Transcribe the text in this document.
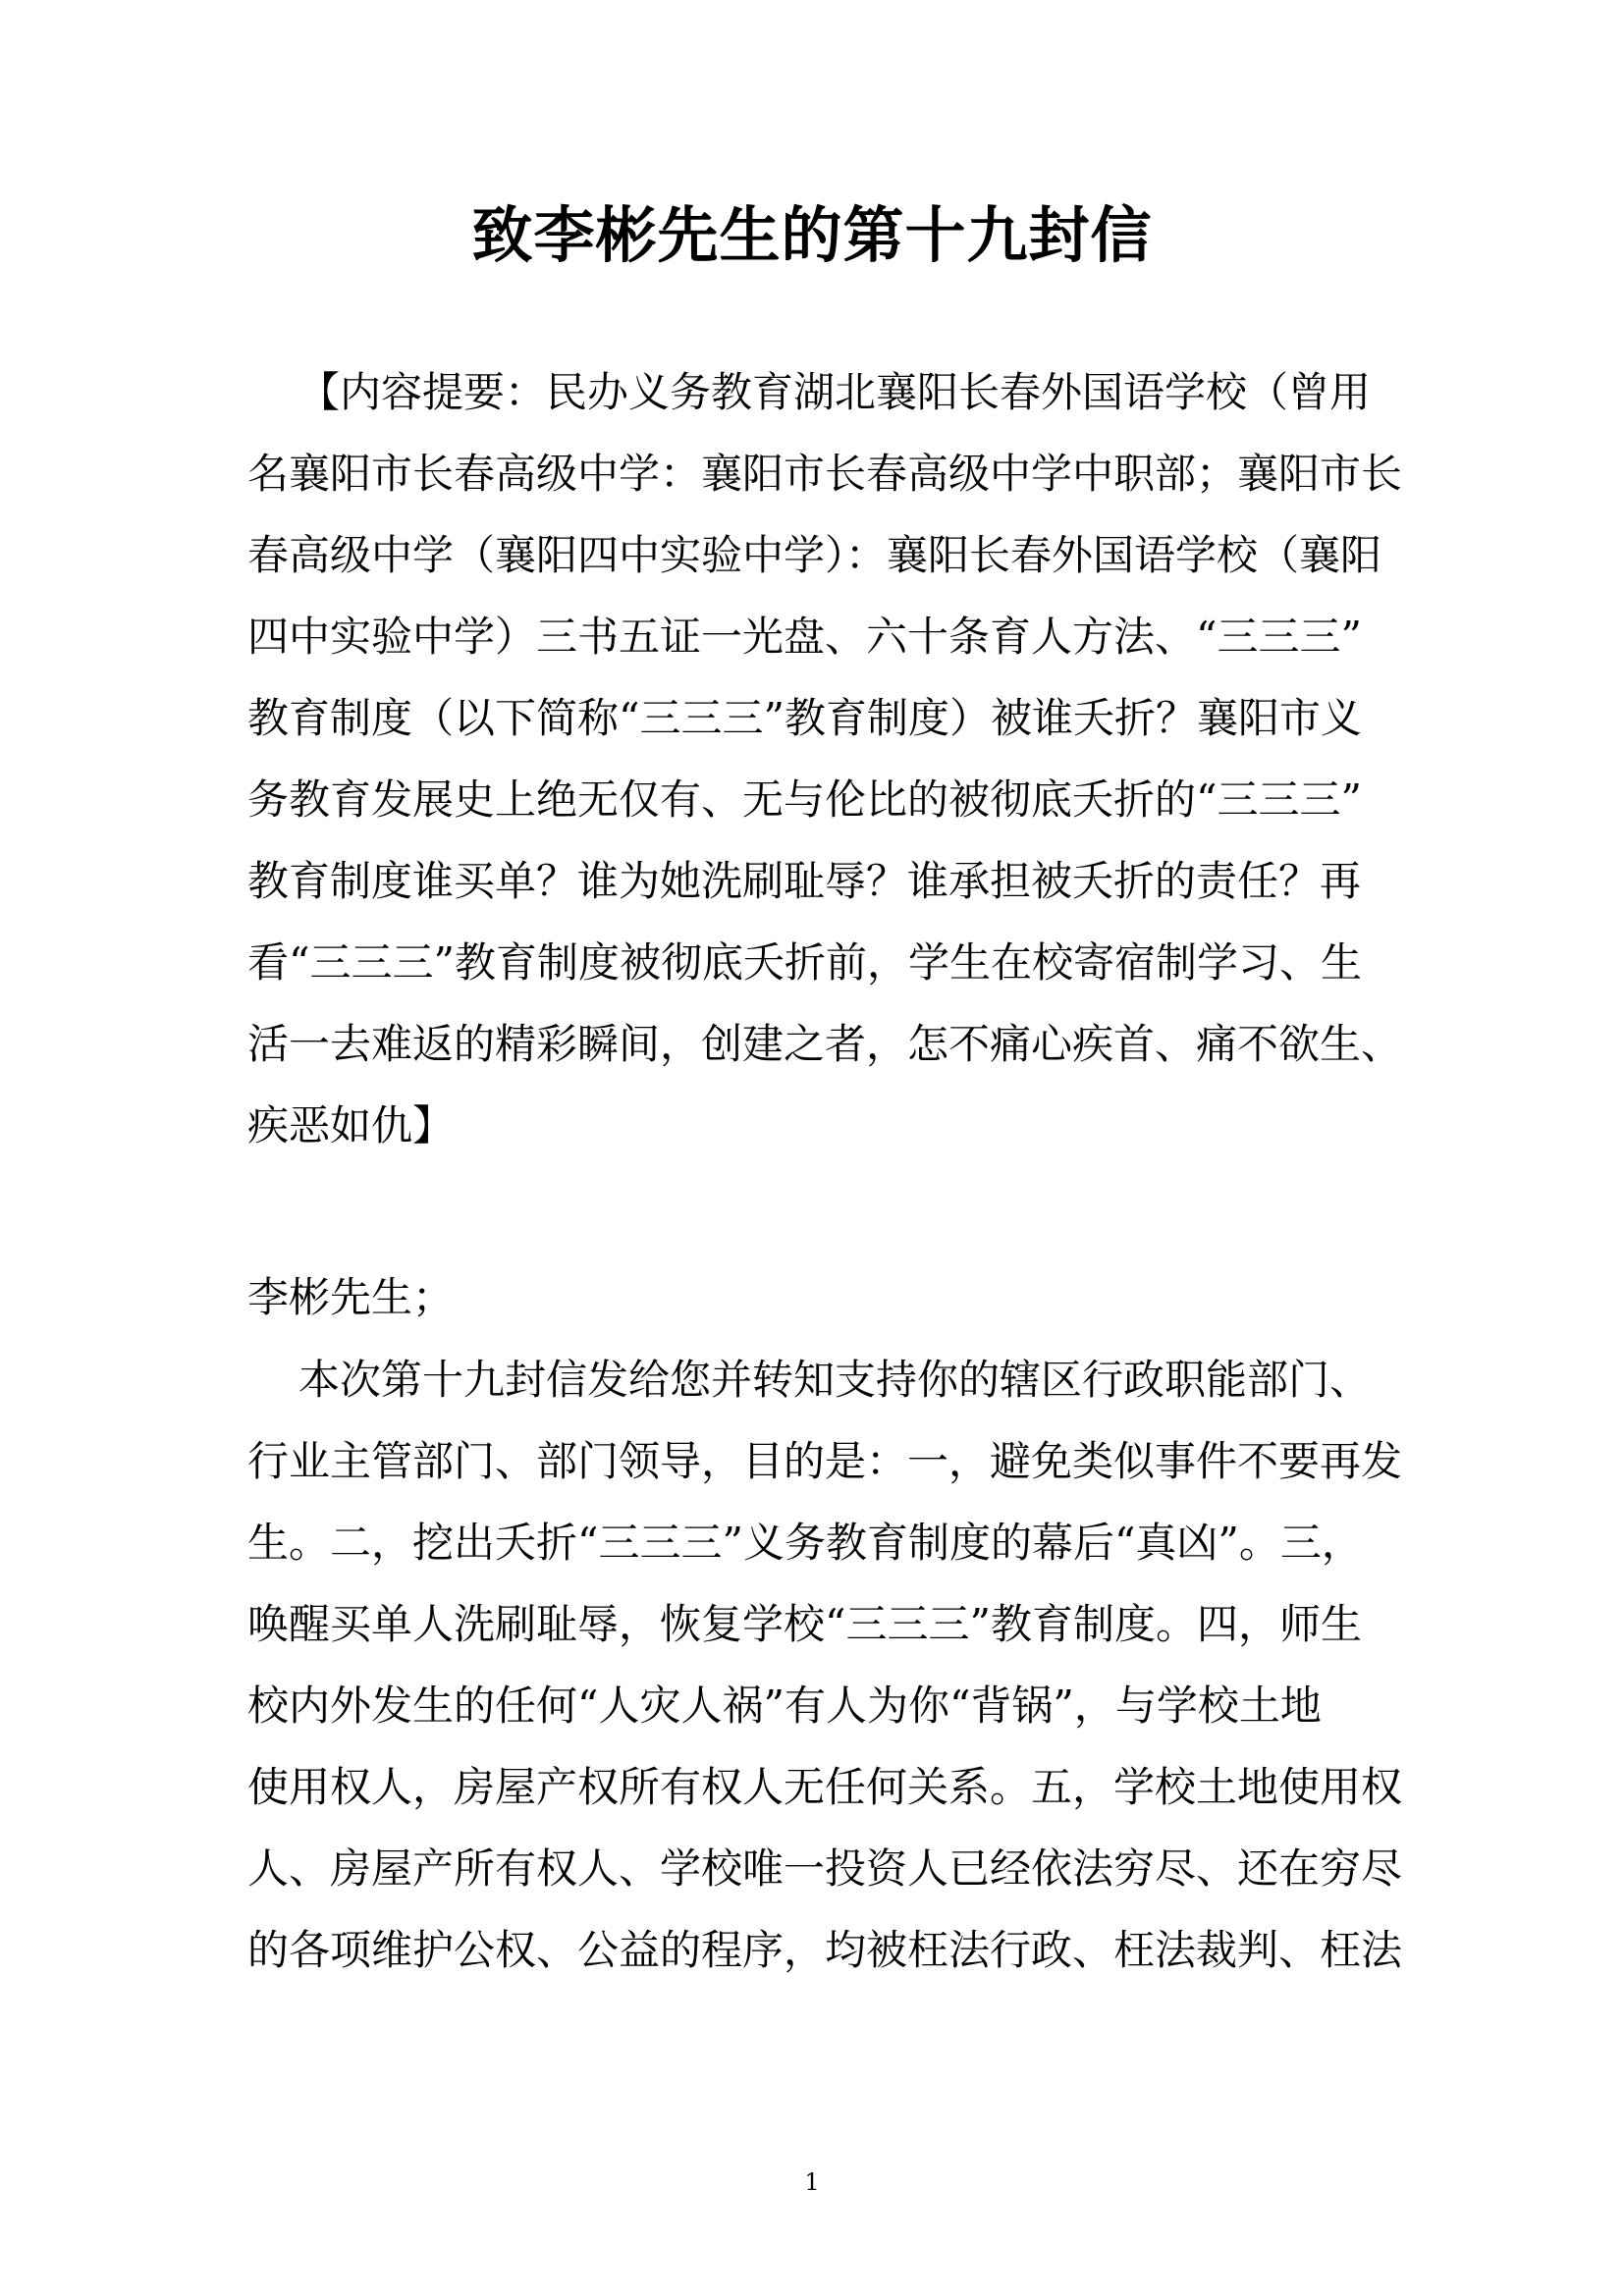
致李彬先生的第十九封信
【内容提要：民办义务教育湖北襄阳长春外国语学校（曾用
名襄阳市长春高级中学：襄阳市长春高级中学中职部；襄阳市长
春高级中学（襄阳四中实验中学）：襄阳长春外国语学校（襄阳
四中实验中学）三书五证一光盘、六十条育人方法、“三三三”
教育制度（以下简称“三三三”教育制度）被谁夭折？襄阳市义
务教育发展史上绝无仅有、无与伦比的被彻底夭折的“三三三”
教育制度谁买单？谁为她洗刷耻辱？谁承担被夭折的责任？再
看“三三三”教育制度被彻底夭折前，学生在校寄宿制学习、生
活一去难返的精彩瞬间，创建之者，怎不痛心疾首、痛不欲生、
疾恶如仇】
李彬先生；
本次第十九封信发给您并转知支持你的辖区行政职能部门、
行业主管部门、部门领导，目的是：一，避免类似事件不要再发
生。二，挖出夭折“三三三”义务教育制度的幕后“真凶”。三，
唤醒买单人洗刷耻辱，恢复学校“三三三”教育制度。四，师生
校内外发生的任何“人灾人祸”有人为你“背锅”，与学校土地
使用权人，房屋产权所有权人无任何关系。五，学校土地使用权
人、房屋产所有权人、学校唯一投资人已经依法穷尽、还在穷尽
的各项维护公权、公益的程序，均被枉法行政、枉法裁判、枉法
1
